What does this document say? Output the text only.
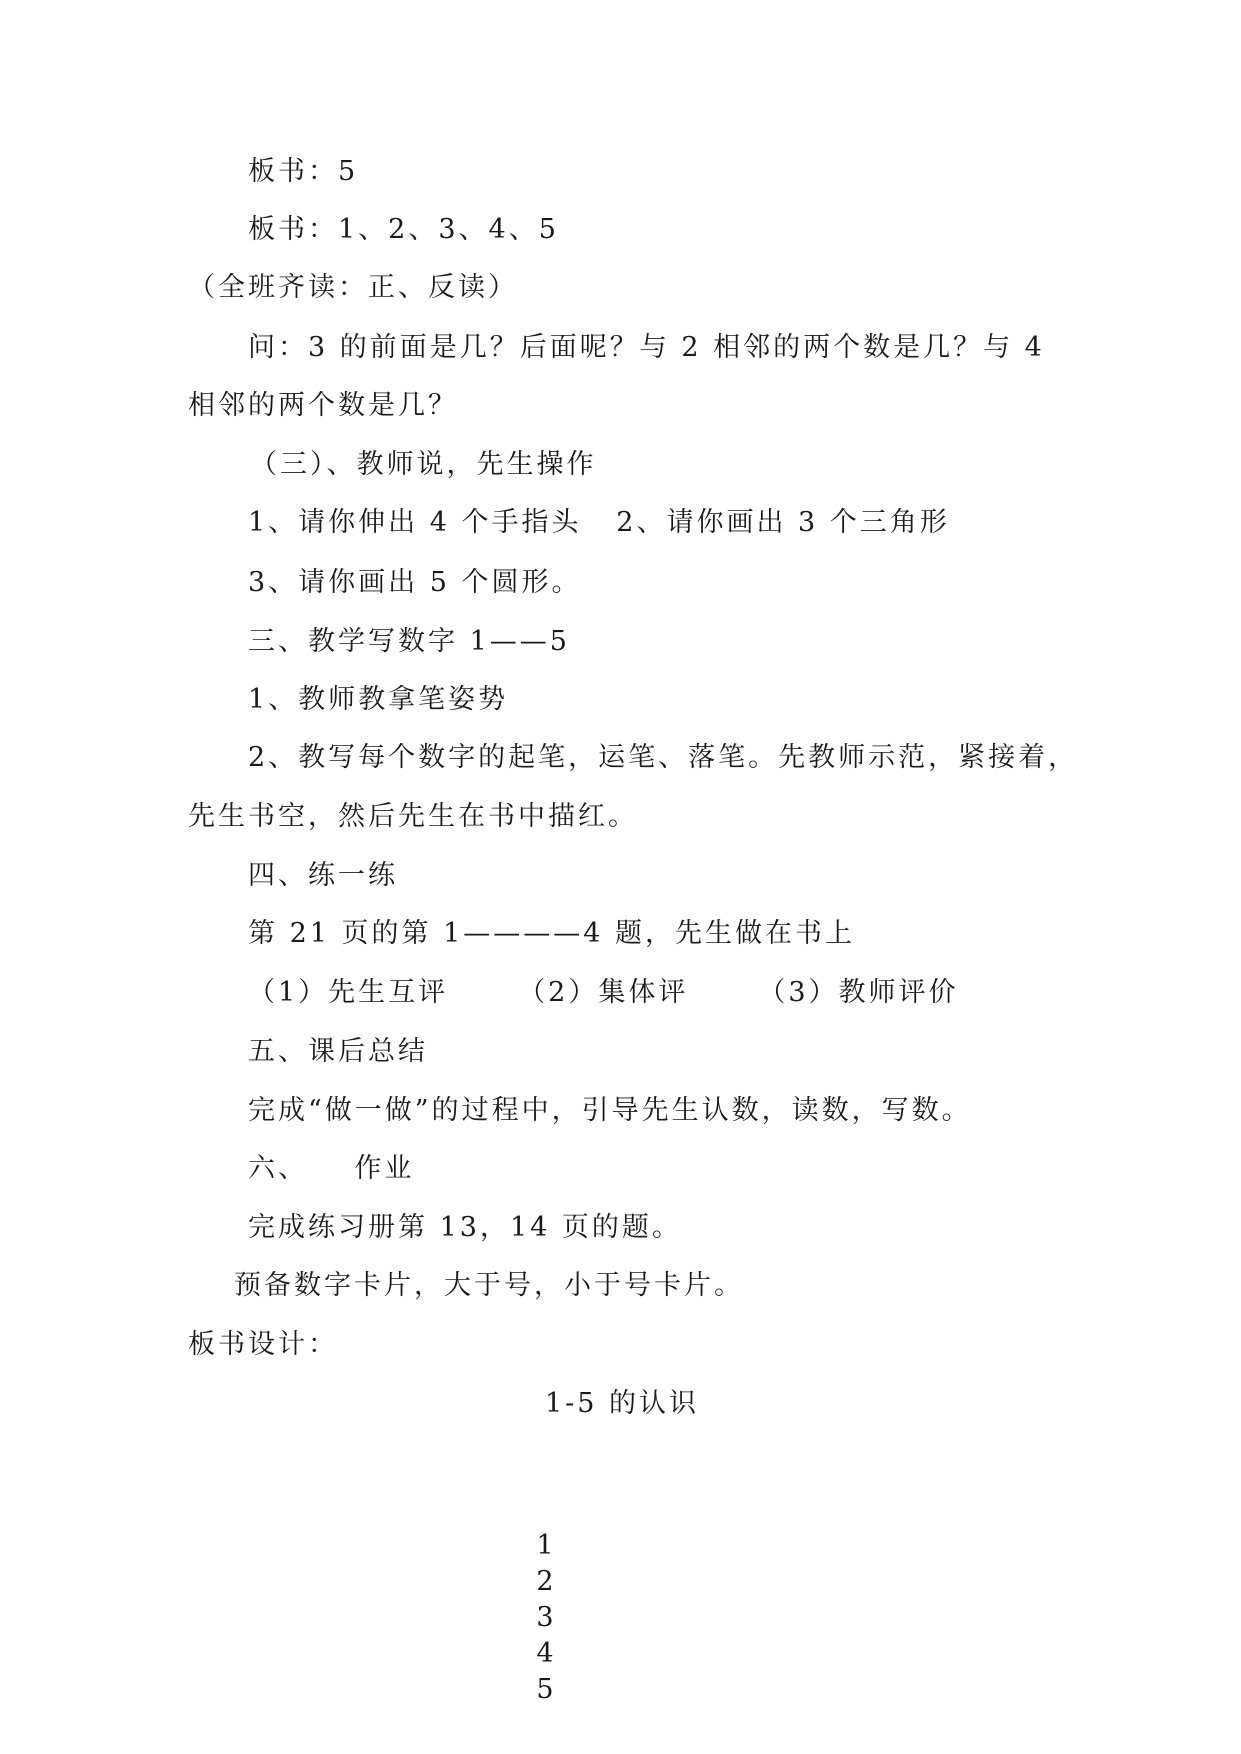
板书：5
板书：1、2、3、4、5
（全班齐读：正、反读）
问：3 的前面是几？后面呢？与 2 相邻的两个数是几？与 4
相邻的两个数是几？
（三）、教师说，先生操作
1、请你伸出 4 个手指头   2、请你画出 3 个三角形
3、请你画出 5 个圆形。
三、教学写数字 1——5
1、教师教拿笔姿势
2、教写每个数字的起笔，运笔、落笔。先教师示范，紧接着，
先生书空，然后先生在书中描红。
四、练一练
第 21 页的第 1————4 题，先生做在书上
（1）先生互评	（2）集体评	（3）教师评价
五、课后总结
完成“做一做”的过程中，引导先生认数，读数，写数。
六、    作业
完成练习册第 13，14 页的题。
预备数字卡片，大于号，小于号卡片。
板书设计：
1-5 的认识

1
2
3
4
5
